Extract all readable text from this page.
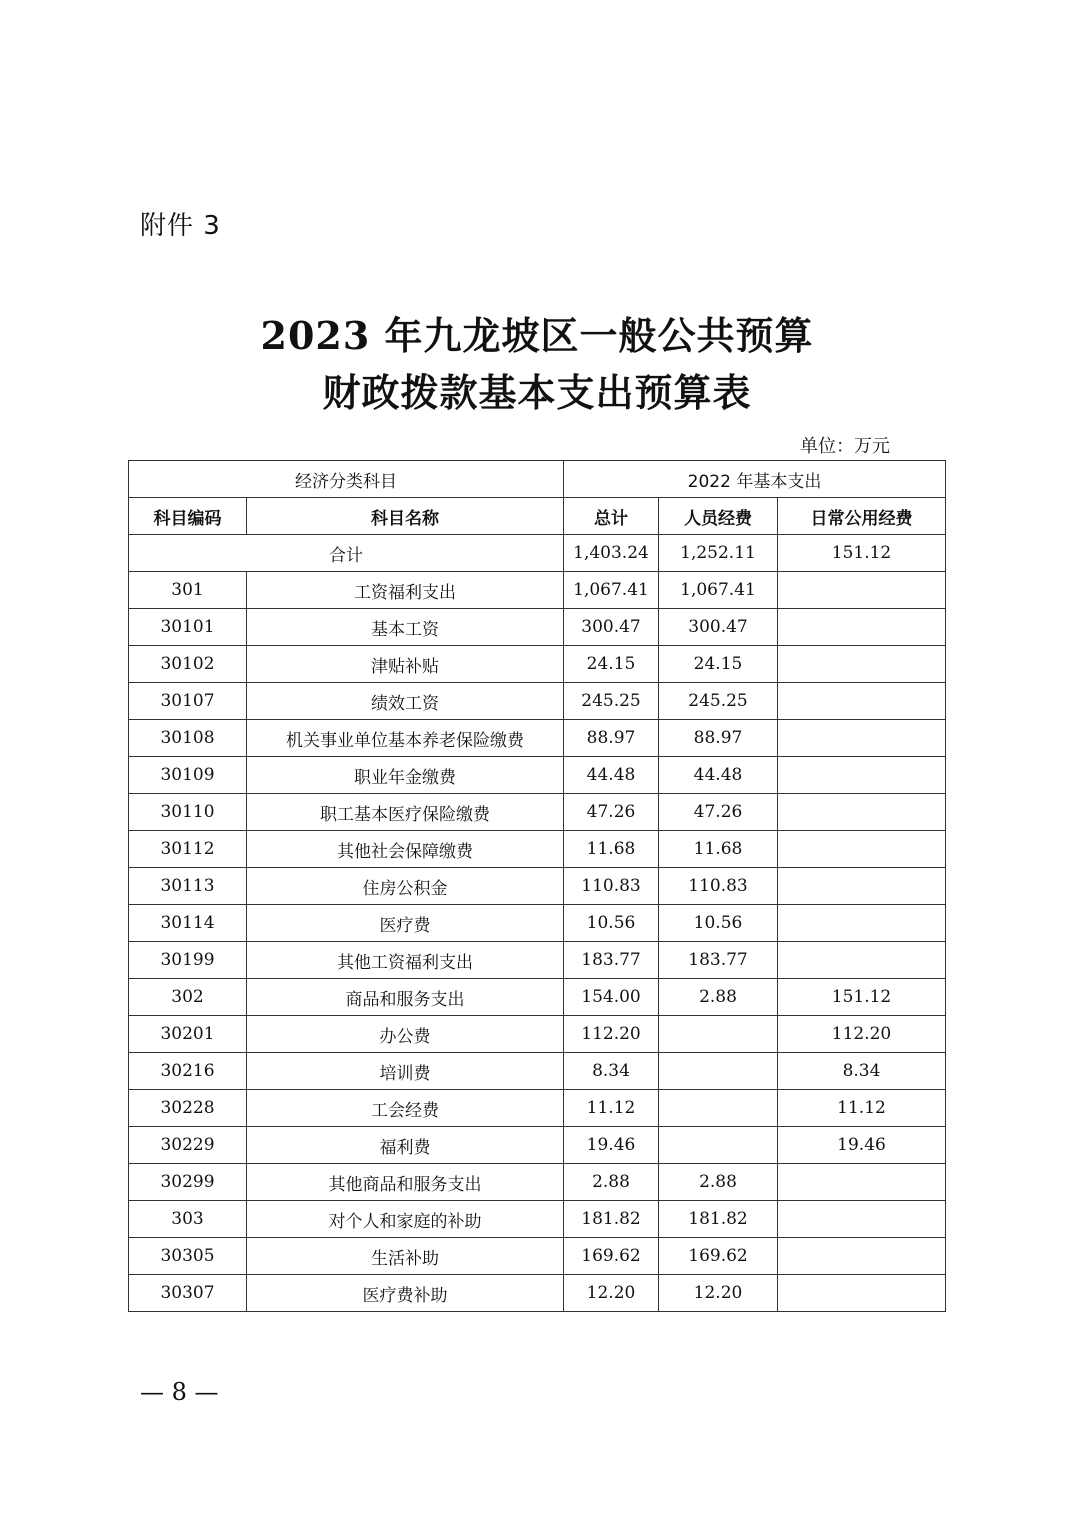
附件 3
2023 年九龙坡区一般公共预算
财政拨款基本支出预算表
单位：万元
经济分类科目		2022 年基本支出		
科目编码	科目名称	总计	人员经费	日常公用经费
合计		1,403.24	1,252.11	151.12
301	工资福利支出	1,067.41	1,067.41	
30101	基本工资	300.47	300.47	
30102	津贴补贴	24.15	24.15	
30107	绩效工资	245.25	245.25	
30108	机关事业单位基本养老保险缴费	88.97	88.97	
30109	职业年金缴费	44.48	44.48	
30110	职工基本医疗保险缴费	47.26	47.26	
30112	其他社会保障缴费	11.68	11.68	
30113	住房公积金	110.83	110.83	
30114	医疗费	10.56	10.56	
30199	其他工资福利支出	183.77	183.77	
302	商品和服务支出	154.00	2.88	151.12
30201	办公费	112.20		112.20
30216	培训费	8.34		8.34
30228	工会经费	11.12		11.12
30229	福利费	19.46		19.46
30299	其他商品和服务支出	2.88	2.88	
303	对个人和家庭的补助	181.82	181.82	
30305	生活补助	169.62	169.62	
30307	医疗费补助	12.20	12.20	
— 8 —
